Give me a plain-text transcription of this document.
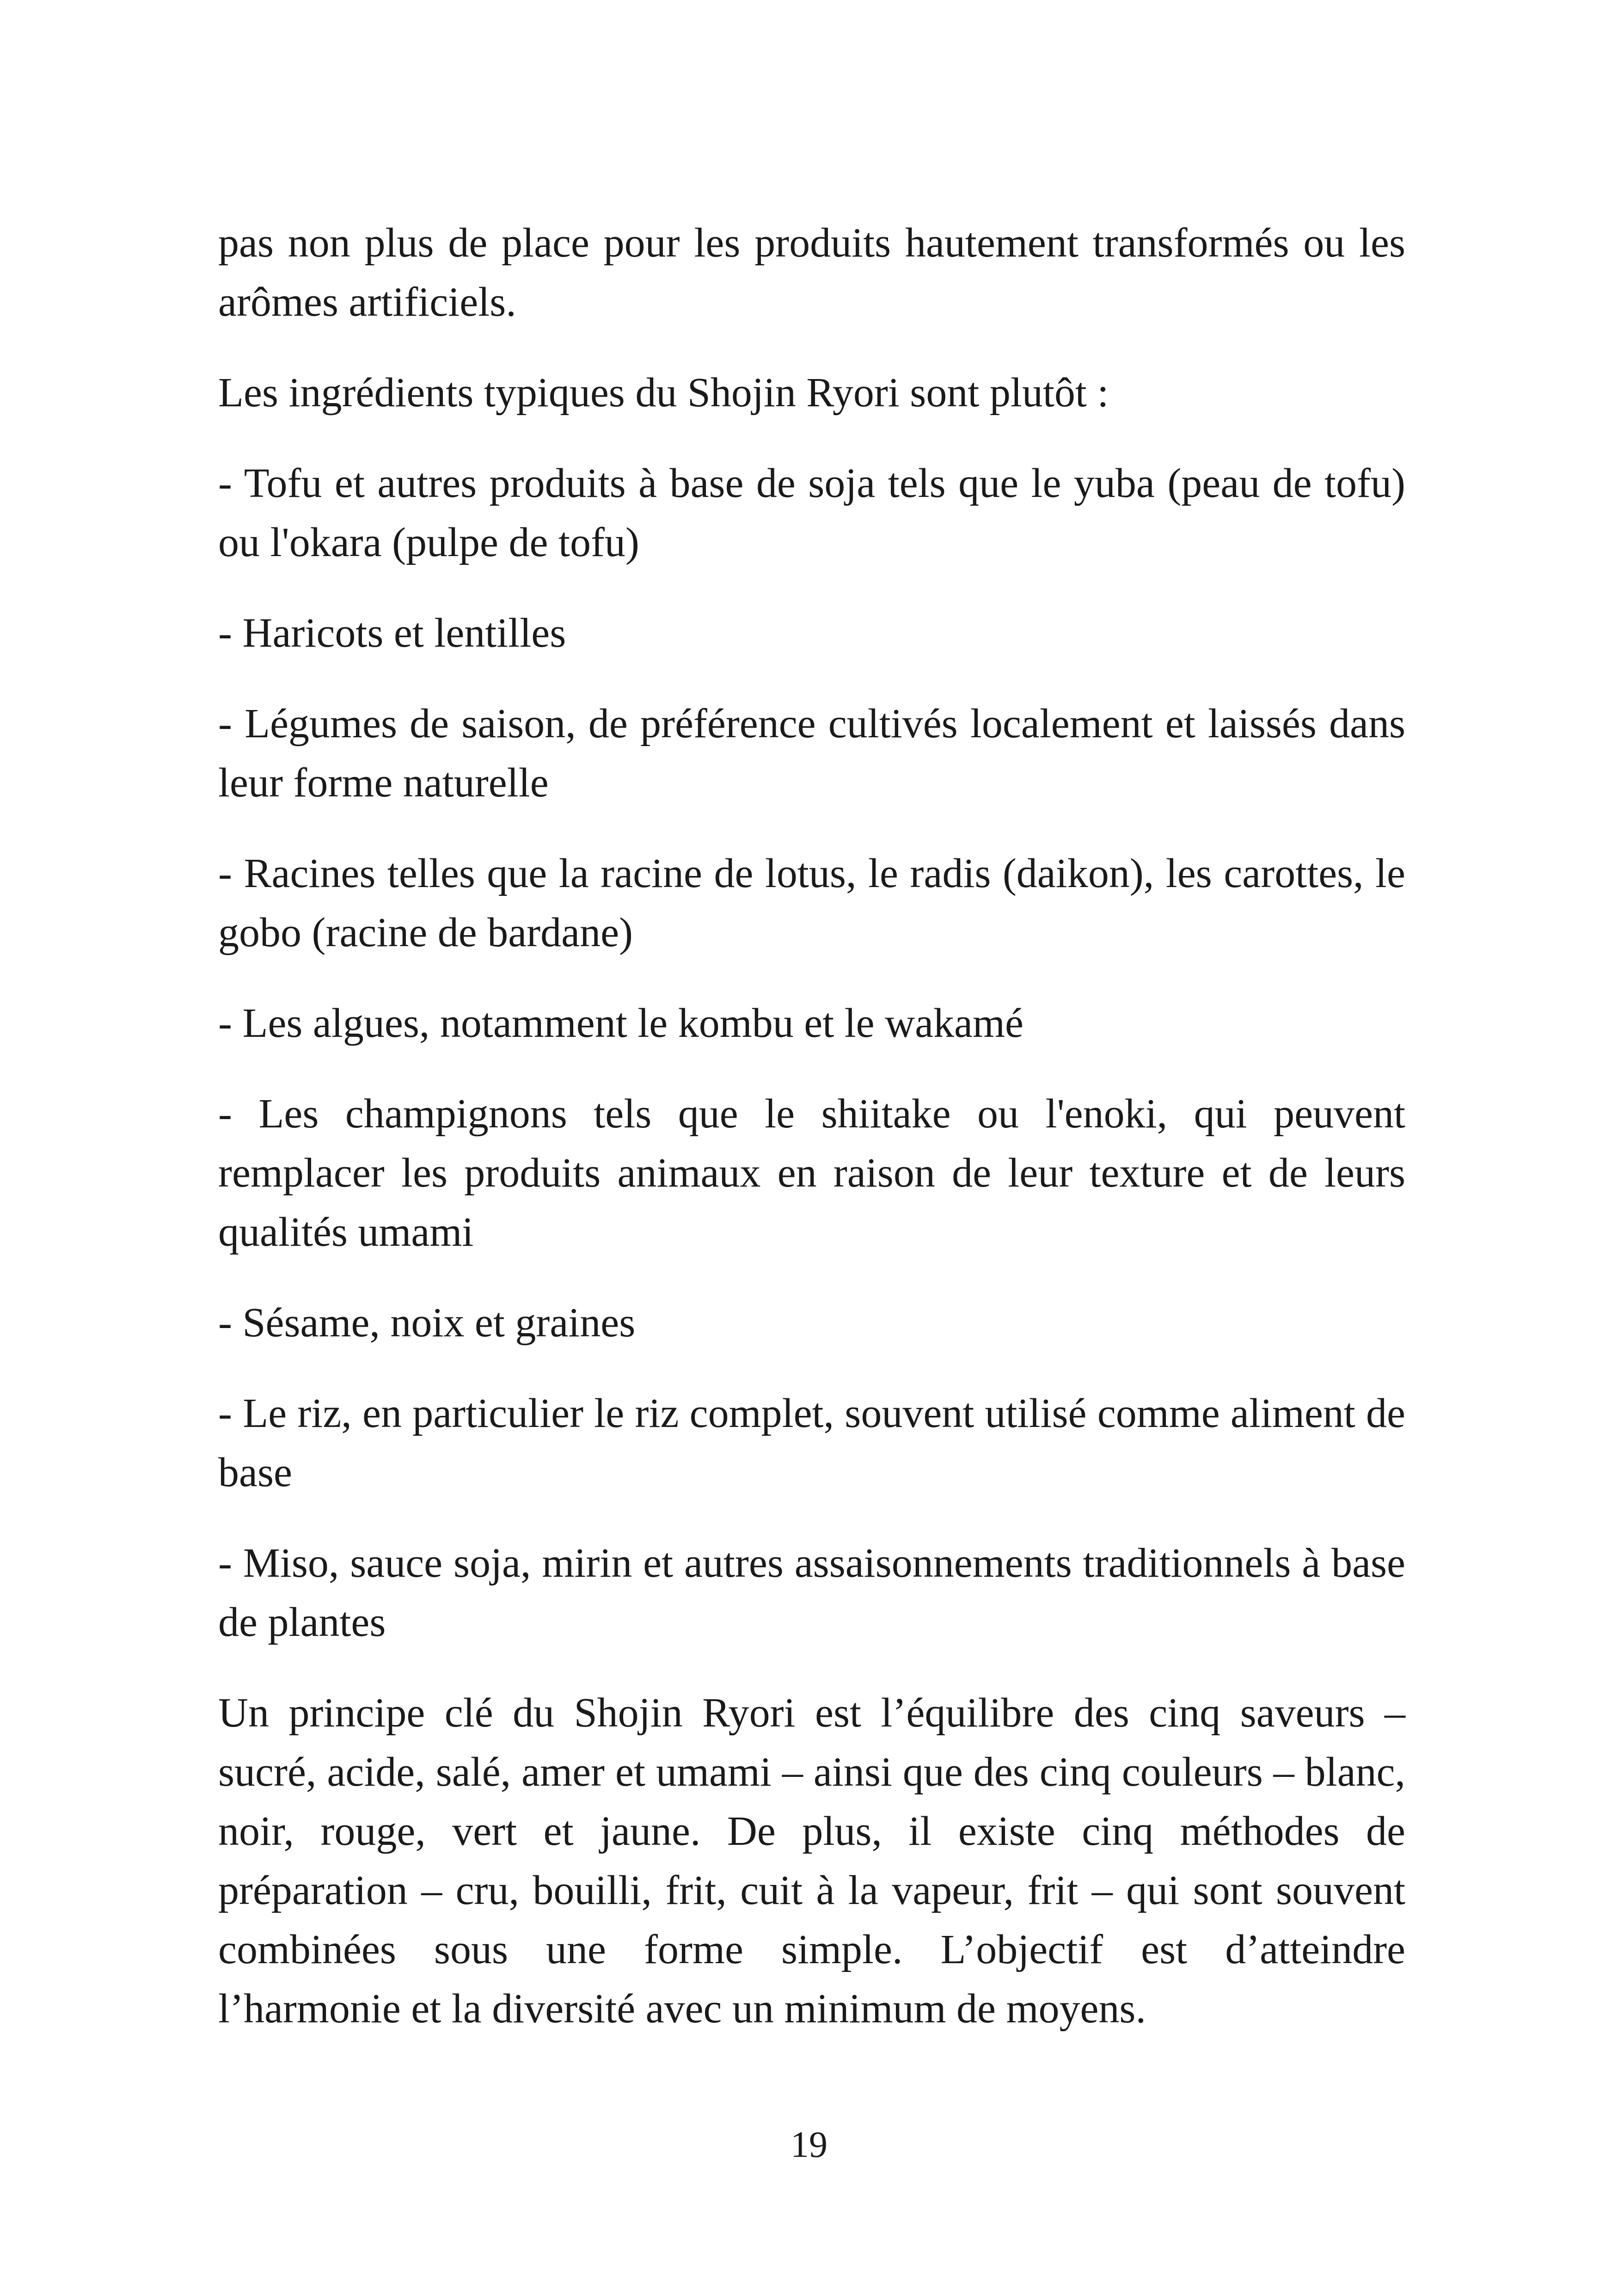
pas non plus de place pour les produits hautement transformés ou les arômes artificiels.

Les ingrédients typiques du Shojin Ryori sont plutôt :

- Tofu et autres produits à base de soja tels que le yuba (peau de tofu) ou l'okara (pulpe de tofu)

- Haricots et lentilles

- Légumes de saison, de préférence cultivés localement et laissés dans leur forme naturelle

- Racines telles que la racine de lotus, le radis (daikon), les carottes, le gobo (racine de bardane)

- Les algues, notamment le kombu et le wakamé

- Les champignons tels que le shiitake ou l'enoki, qui peuvent remplacer les produits animaux en raison de leur texture et de leurs qualités umami

- Sésame, noix et graines

- Le riz, en particulier le riz complet, souvent utilisé comme aliment de base

- Miso, sauce soja, mirin et autres assaisonnements traditionnels à base de plantes

Un principe clé du Shojin Ryori est l’équilibre des cinq saveurs – sucré, acide, salé, amer et umami – ainsi que des cinq couleurs – blanc, noir, rouge, vert et jaune. De plus, il existe cinq méthodes de préparation – cru, bouilli, frit, cuit à la vapeur, frit – qui sont souvent combinées sous une forme simple. L’objectif est d’atteindre l’harmonie et la diversité avec un minimum de moyens.

19
